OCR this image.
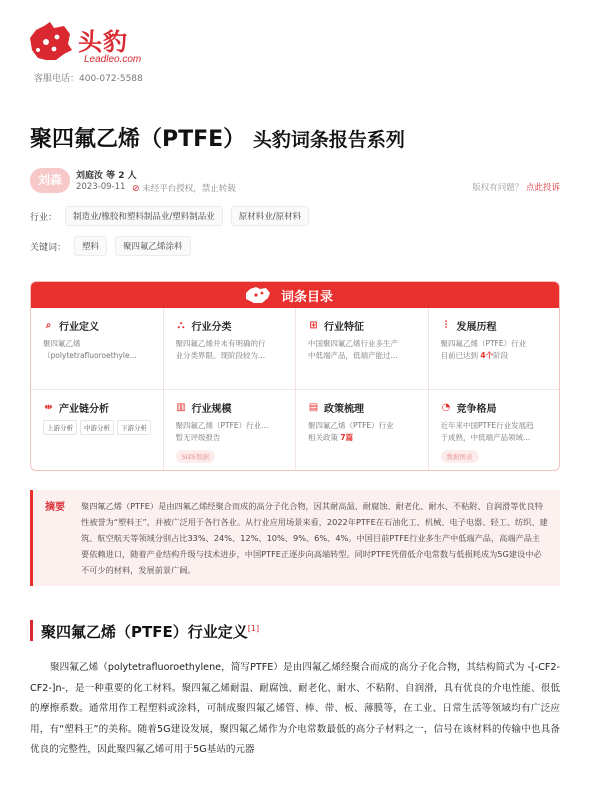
头豹
Leadleo.com
客服电话：400-072-5588
聚四氟乙烯（PTFE） 头豹词条报告系列
刘森	刘庭汝 等 2 人
2023-09-11 ⊘ 未经平台授权，禁止转载	版权有问题？ 点此投诉
行业：	制造业/橡胶和塑料制品业/塑料制品业	原材料业/原材料
关键词：	塑料	聚四氟乙烯涂料
词条目录
⌕ 行业定义
聚四氟乙烯
（polytetrafluoroethyle...
⛬ 行业分类
聚四氟乙烯并未有明确的行
业分类界限。现阶段较为...
⊞ 行业特征
中国聚四氟乙烯行业多生产
中低端产品，低端产能过...
⫶ 发展历程
聚四氟乙烯（PTFE）行业
目前已达到 4个阶段
⇹ 产业链分析
上游分析	中游分析	下游分析
▥ 行业规模
聚四氟乙烯（PTFE）行业...
暂无评级报告
SIZE数据
▤ 政策梳理
聚四氟乙烯（PTFE）行业
相关政策 7篇
◔ 竞争格局
近年来中国PTFE行业发展趋
于成熟，中低端产品领域...
数据图表
摘要	聚四氟乙烯（PTFE）是由四氟乙烯经聚合而成的高分子化合物，因其耐高温、耐腐蚀、耐老化、耐水、不粘附、自润滑等优良特性被誉为“塑料王”，并被广泛用于各行各业。从行业应用场景来看，2022年PTFE在石油化工、机械、电子电器、轻工、纺织、建筑、航空航天等领域分别占比33%、24%、12%、10%、9%、6%、4%。中国目前PTFE行业多生产中低端产品，高端产品主要依赖进口，随着产业结构升级与技术进步，中国PTFE正逐步向高端转型。同时PTFE凭借低介电常数与低损耗成为5G建设中必不可少的材料，发展前景广阔。
聚四氟乙烯（PTFE）行业定义[1]
聚四氟乙烯（polytetrafluoroethylene，简写PTFE）是由四氟乙烯经聚合而成的高分子化合物，其结构简式为 -[-CF2-CF2-]n-，是一种重要的化工材料。聚四氟乙烯耐温、耐腐蚀、耐老化、耐水、不粘附、自润滑，具有优良的介电性能、很低的摩擦系数。通常用作工程塑料或涂料，可制成聚四氟乙烯管、棒、带、板、薄膜等，在工业、日常生活等领域均有广泛应用，有“塑料王”的美称。随着5G建设发展，聚四氟乙烯作为介电常数最低的高分子材料之一，信号在该材料的传输中也具备优良的完整性，因此聚四氟乙烯可用于5G基站的元器
